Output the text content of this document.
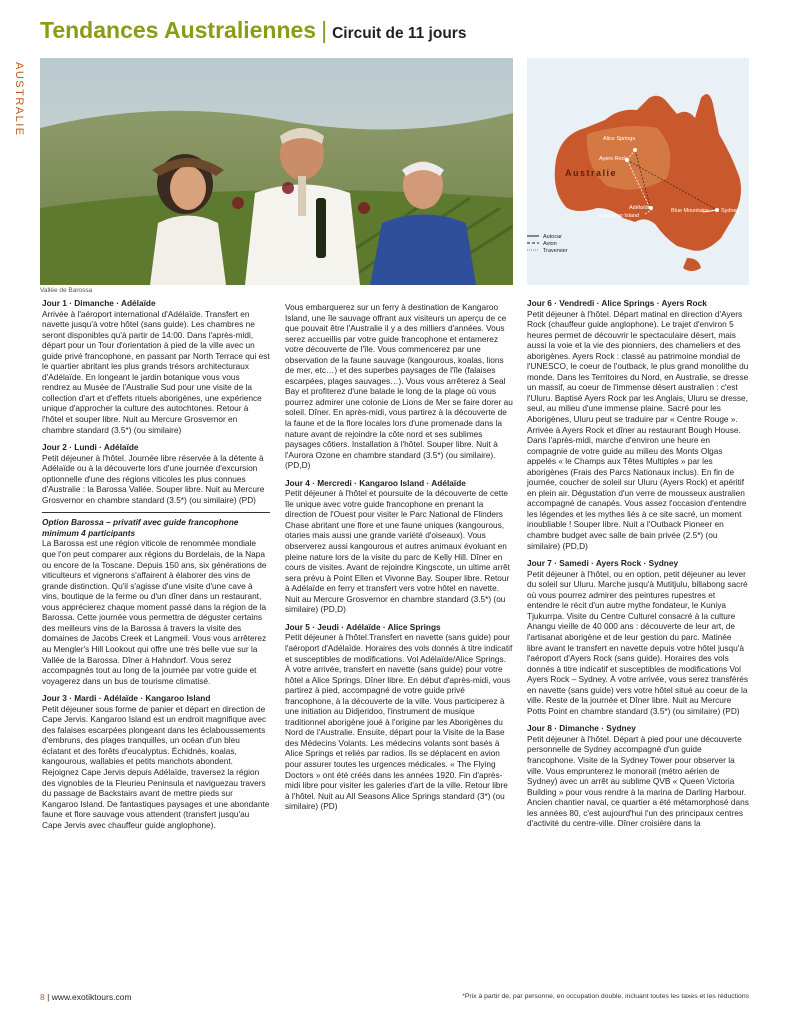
Tendances Australiennes | Circuit de 11 jours
AUSTRALIE
Vallée de Barossa
Alice Springs
Ayers Rock
Australie
Adélaïde
Kangaroo Island
Blue Mountains Sydney
Autocar
Avion
Traversier
Jour 1 · Dimanche · Adélaïde
Arrivée à l'aéroport international d'Adélaïde. Transfert en navette jusqu'à votre hôtel (sans guide). Les chambres ne seront disponibles qu'à partir de 14:00. Dans l'après-midi, départ pour un Tour d'orientation à pied de la ville avec un guide privé francophone, en passant par North Terrace qui est le quartier abritant les plus grands trésors architecturaux d'Adélaïde. En longeant le jardin botanique vous vous rendrez au Musée de l'Australie Sud pour une visite de la collection d'art et d'effets rituels aborigènes, une expérience unique d'approcher la culture des autochtones. Retour à l'hôtel et souper libre. Nuit au Mercure Grosvernor en chambre standard (3.5*) (ou similaire)
Jour 2 · Lundi · Adélaïde
Petit déjeuner à l'hôtel. Journée libre réservée à la détente à Adélaïde ou à la découverte lors d'une journée d'excursion optionnelle d'une des régions viticoles les plus connues d'Australie : la Barossa Vallée. Souper libre. Nuit au Mercure Grosvernor en chambre standard (3.5*) (ou similaire) (PD)
Option Barossa – privatif avec guide francophone minimum 4 participants
La Barossa est une région viticole de renommée mondiale que l'on peut comparer aux régions du Bordelais, de la Napa ou encore de la Toscane. Depuis 150 ans, six générations de viticulteurs et vignerons s'affairent à élaborer des vins de grande distinction. Qu'il s'agisse d'une visite d'une cave à vins, boutique de la ferme ou d'un dîner dans un restaurant, vous apprécierez chaque moment passé dans la région de la Barossa. Cette journée vous permettra de déguster certains des meilleurs vins de la Barossa à travers la visite des domaines de Jacobs Creek et Langmeil. Vous vous arrêterez au Mengler's Hill Lookout qui offre une très belle vue sur la Vallée de la Barossa. Dîner à Hahndorf. Vous serez accompagnés tout au long de la journée par votre guide et voyagerez dans un bus de tourisme climatisé.
Jour 3 · Mardi · Adélaïde · Kangaroo Island
Petit déjeuner sous forme de panier et départ en direction de Cape Jervis. Kangaroo Island est un endroit magnifique avec des falaises escarpées plongeant dans les éclaboussements d'embruns, des plages tranquilles, un océan d'un bleu éclatant et des forêts d'eucalyptus. Échidnés, koalas, kangourous, wallabies et petits manchots abondent. Rejoignez Cape Jervis depuis Adélaïde, traversez la région des vignobles de la Fleurieu Peninsula et naviguezau travers du passage de Backstairs avant de mettre pieds sur Kangaroo Island. De fantastiques paysages et une abondante faune et flore sauvage vous attendent (transfert jusqu'au Cape Jervis avec chauffeur guide anglophone).
Vous embarquerez sur un ferry à destination de Kangaroo Island, une île sauvage offrant aux visiteurs un aperçu de ce que pouvait être l'Australie il y a des milliers d'années. Vous serez accueillis par votre guide francophone et entamerez votre découverte de l'île. Vous commencerez par une observation de la faune sauvage (kangourous, koalas, lions de mer, etc…) et des superbes paysages de l'île (falaises escarpées, plages sauvages…). Vous vous arrêterez à Seal Bay et profiterez d'une balade le long de la plage où vous pourrez admirer une colonie de Lions de Mer se faire dorer au soleil. Dîner. En après-midi, vous partirez à la découverte de la faune et de la flore locales lors d'une promenade dans la nature avant de rejoindre la côte nord et ses sublimes paysages côtiers. Installation à l'hôtel. Souper libre. Nuit à l'Aurora Ozone en chambre standard (3.5*) (ou similaire). (PD,D)
Jour 4 · Mercredi · Kangaroo Island · Adélaïde
Petit déjeuner à l'hôtel et poursuite de la découverte de cette île unique avec votre guide francophone en prenant la direction de l'Ouest pour visiter le Parc National de Flinders Chase abritant une flore et une faune uniques (kangourous, otaries mais aussi une grande variété d'oiseaux). Vous observerez aussi kangourous et autres animaux évoluant en pleine nature lors de la visite du parc de Kelly Hill. Dîner en cours de visites. Avant de rejoindre Kingscote, un ultime arrêt sera prévu à Point Ellen et Vivonne Bay. Souper libre. Retour à Adélaïde en ferry et transfert vers votre hôtel en navette. Nuit au Mercure Grosvernor en chambre standard (3.5*) (ou similaire) (PD,D)
Jour 5 · Jeudi · Adélaïde · Alice Springs
Petit déjeuner à l'hôtel.Transfert en navette (sans guide) pour l'aéroport d'Adélaïde. Horaires des vols donnés à titre indicatif et susceptibles de modifications. Vol Adélaïde/Alice Springs. À votre arrivée, transfert en navette (sans guide) pour votre hôtel a Alice Springs. Dîner libre. En début d'après-midi, vous partirez à pied, accompagné de votre guide privé francophone, à la découverte de la ville. Vous participerez à une initiation au Didjeridoo, l'instrument de musique traditionnel aborigène joué à l'origine par les Aborigènes du Nord de l'Australie. Ensuite, départ pour la Visite de la Base des Médecins Volants. Les médecins volants sont basés à Alice Springs et reliés par radios. Ils se déplacent en avion pour assurer toutes les urgences médicales. « The Flying Doctors » ont été créés dans les années 1920. Fin d'après-midi libre pour visiter les galeries d'art de la ville. Retour libre à l'hôtel. Nuit au All Seasons Alice Springs standard (3*) (ou similaire) (PD)
Jour 6 · Vendredi · Alice Springs · Ayers Rock
Petit déjeuner à l'hôtel. Départ matinal en direction d'Ayers Rock (chauffeur guide anglophone). Le trajet d'environ 5 heures permet de découvrir le spectaculaire désert, mais aussi la voie et la vie des pionniers, des chameliers et des aborigènes. Ayers Rock : classé au patrimoine mondial de l'UNESCO, le coeur de l'outback, le plus grand monolithe du monde. Dans les Territoires du Nord, en Australie, se dresse un massif, au coeur de l'immense désert australien : c'est l'Uluru. Baptisé Ayers Rock par les Anglais, Uluru se dresse, seul, au milieu d'une immense plaine. Sacré pour les Aborigènes, Uluru peut se traduire par « Centre Rouge ». Arrivée à Ayers Rock et dîner au restaurant Bough House. Dans l'après-midi, marche d'environ une heure en compagnie de votre guide au milieu des Monts Olgas appelés « le Champs aux Têtes Multiples » par les aborigènes (Frais des Parcs Nationaux inclus). En fin de journée, coucher de soleil sur Uluru (Ayers Rock) et apéritif en plein air. Dégustation d'un verre de mousseux australien accompagné de canapés. Vous assez l'occasion d'entendre les légendes et les mythes liés à ce site sacré, un moment inoubliable ! Souper libre. Nuit a l'Outback Pioneer en chambre budget avec salle de bain privée (2.5*) (ou similaire) (PD,D)
Jour 7 · Samedi · Ayers Rock · Sydney
Petit déjeuner à l'hôtel, ou en option, petit déjeuner au lever du soleil sur Uluru. Marche jusqu'à Mutitjulu, billabong sacré où vous pourrez admirer des peintures rupestres et entendre le récit d'un autre mythe fondateur, le Kuniya Tjukurrpa. Visite du Centre Culturel consacré à la culture Anangu vieille de 40 000 ans : découverte de leur art, de l'artisanat aborigène et de leur gestion du parc. Matinée libre avant le transfert en navette depuis votre hôtel jusqu'à l'aéroport d'Ayers Rock (sans guide). Horaires des vols donnés à titre indicatif et susceptibles de modifications Vol Ayers Rock – Sydney. À votre arrivée, vous serez transférés en navette (sans guide) vers votre hôtel situé au coeur de la ville. Reste de la journée et Dîner libre. Nuit au Mercure Potts Point en chambre standard (3.5*) (ou similaire) (PD)
Jour 8 · Dimanche · Sydney
Petit déjeuner à l'hôtel. Départ à pied pour une découverte personnelle de Sydney accompagné d'un guide francophone. Visite de la Sydney Tower pour observer la ville. Vous emprunterez le monorail (métro aérien de Sydney) avec un arrêt au sublime QVB « Queen Victoria Building » pour vous rendre à la marina de Darling Harbour. Ancien chantier naval, ce quartier a été métamorphosé dans les années 80, c'est aujourd'hui l'un des principaux centres d'activité du centre-ville. Dîner croisière dans la
8 | www.exotiktours.com	*Prix à partir de, par personne, en occupation double, incluant toutes les taxes et les réductions
